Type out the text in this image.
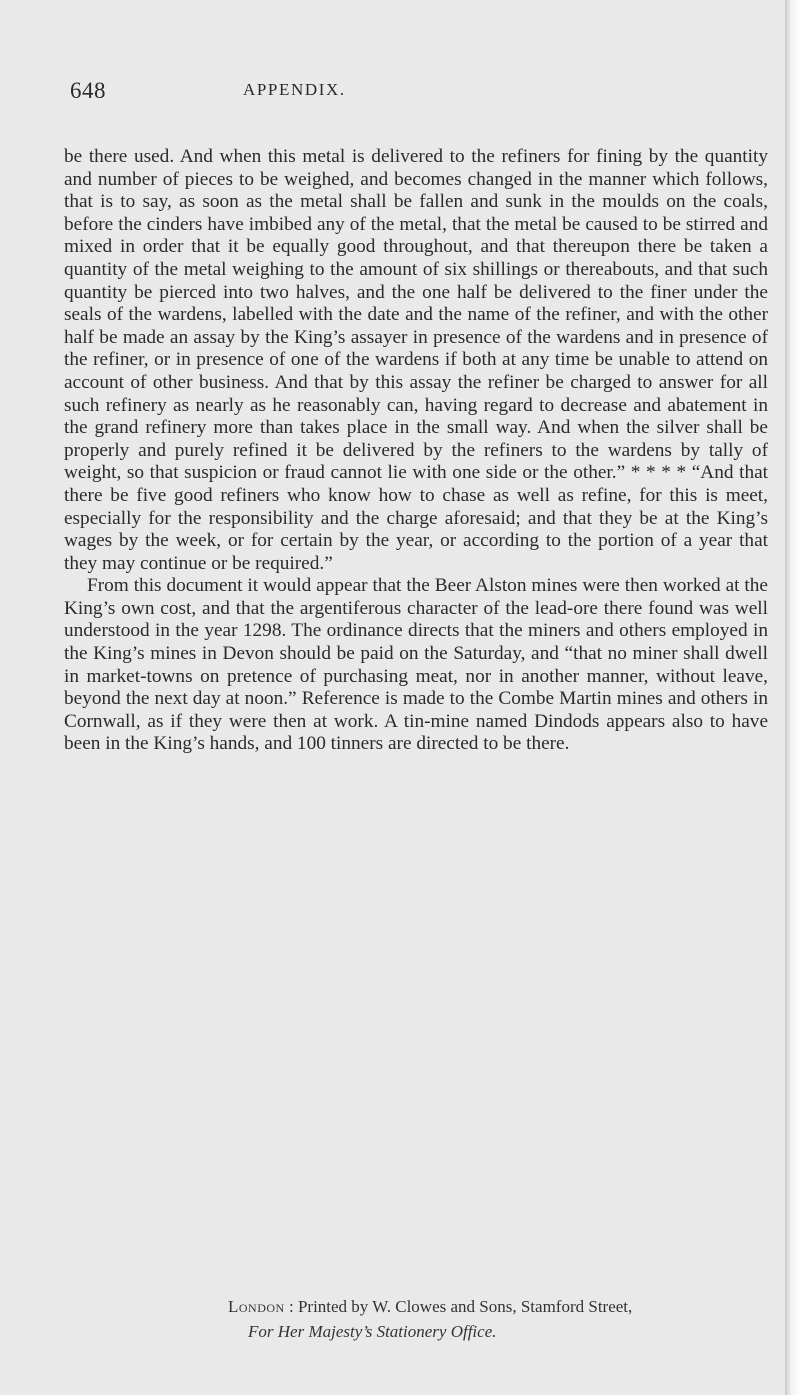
648	APPENDIX.

be there used. And when this metal is delivered to the refiners for fining by the quantity and number of pieces to be weighed, and becomes changed in the manner which follows, that is to say, as soon as the metal shall be fallen and sunk in the moulds on the coals, before the cinders have imbibed any of the metal, that the metal be caused to be stirred and mixed in order that it be equally good throughout, and that thereupon there be taken a quantity of the metal weighing to the amount of six shillings or thereabouts, and that such quantity be pierced into two halves, and the one half be delivered to the finer under the seals of the wardens, labelled with the date and the name of the refiner, and with the other half be made an assay by the King’s assayer in presence of the wardens and in presence of the refiner, or in presence of one of the wardens if both at any time be unable to attend on account of other business. And that by this assay the refiner be charged to answer for all such refinery as nearly as he reasonably can, having regard to decrease and abatement in the grand refinery more than takes place in the small way. And when the silver shall be properly and purely refined it be delivered by the refiners to the wardens by tally of weight, so that suspicion or fraud cannot lie with one side or the other.” * * * * “And that there be five good refiners who know how to chase as well as refine, for this is meet, especially for the responsibility and the charge aforesaid; and that they be at the King’s wages by the week, or for certain by the year, or according to the portion of a year that they may continue or be required.”

From this document it would appear that the Beer Alston mines were then worked at the King’s own cost, and that the argentiferous character of the lead-ore there found was well understood in the year 1298. The ordinance directs that the miners and others employed in the King’s mines in Devon should be paid on the Saturday, and “that no miner shall dwell in market-towns on pretence of purchasing meat, nor in another manner, without leave, beyond the next day at noon.” Reference is made to the Combe Martin mines and others in Cornwall, as if they were then at work. A tin-mine named Dindods appears also to have been in the King’s hands, and 100 tinners are directed to be there.

London : Printed by W. Clowes and Sons, Stamford Street,
For Her Majesty’s Stationery Office.
